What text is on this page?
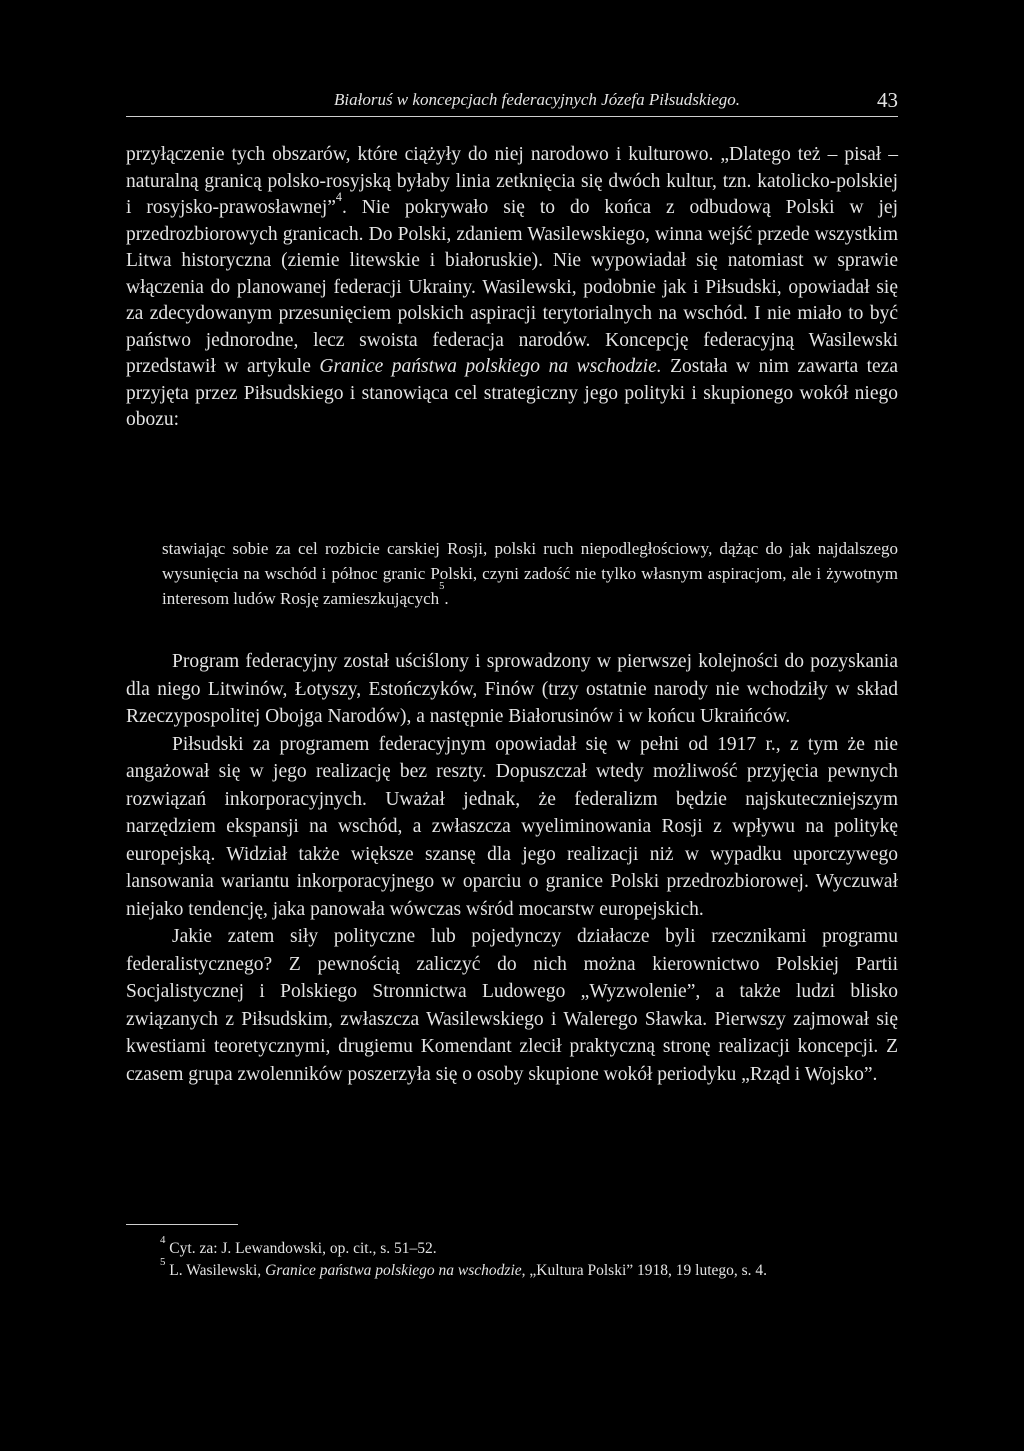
Białoruś w koncepcjach federacyjnych Józefa Piłsudskiego.	43

przyłączenie tych obszarów, które ciążyły do niej narodowo i kulturowo. „Dlatego też – pisał – naturalną granicą polsko-rosyjską byłaby linia zetknięcia się dwóch kultur, tzn. katolicko-polskiej i rosyjsko-prawosławnej”$^4$. Nie pokrywało się to do końca z odbudową Polski w jej przedrozbiorowych granicach. Do Polski, zdaniem Wasilewskiego, winna wejść przede wszystkim Litwa historyczna (ziemie litewskie i białoruskie). Nie wypowiadał się natomiast w sprawie włączenia do planowanej federacji Ukrainy. Wasilewski, podobnie jak i Piłsudski, opowiadał się za zdecydowanym przesunięciem polskich aspiracji terytorialnych na wschód. I nie miało to być państwo jednorodne, lecz swoista federacja narodów. Koncepcję federacyjną Wasilewski przedstawił w artykule Granice państwa polskiego na wschodzie. Została w nim zawarta teza przyjęta przez Piłsudskiego i stanowiąca cel strategiczny jego polityki i skupionego wokół niego obozu:

stawiając sobie za cel rozbicie carskiej Rosji, polski ruch niepodległościowy, dążąc do jak najdalszego wysunięcia na wschód i północ granic Polski, czyni zadość nie tylko własnym aspiracjom, ale i żywotnym interesom ludów Rosję zamieszkujących$^5$.

Program federacyjny został uściślony i sprowadzony w pierwszej kolejności do pozyskania dla niego Litwinów, Łotyszy, Estończyków, Finów (trzy ostatnie narody nie wchodziły w skład Rzeczypospolitej Obojga Narodów), a następnie Białorusinów i w końcu Ukraińców.

Piłsudski za programem federacyjnym opowiadał się w pełni od 1917 r., z tym że nie angażował się w jego realizację bez reszty. Dopuszczał wtedy możliwość przyjęcia pewnych rozwiązań inkorporacyjnych. Uważał jednak, że federalizm będzie najskuteczniejszym narzędziem ekspansji na wschód, a zwłaszcza wyeliminowania Rosji z wpływu na politykę europejską. Widział także większe szansę dla jego realizacji niż w wypadku uporczywego lansowania wariantu inkorporacyjnego w oparciu o granice Polski przedrozbiorowej. Wyczuwał niejako tendencję, jaka panowała wówczas wśród mocarstw europejskich.

Jakie zatem siły polityczne lub pojedynczy działacze byli rzecznikami programu federalistycznego? Z pewnością zaliczyć do nich można kierownictwo Polskiej Partii Socjalistycznej i Polskiego Stronnictwa Ludowego „Wyzwolenie”, a także ludzi blisko związanych z Piłsudskim, zwłaszcza Wasilewskiego i Walerego Sławka. Pierwszy zajmował się kwestiami teoretycznymi, drugiemu Komendant zlecił praktyczną stronę realizacji koncepcji. Z czasem grupa zwolenników poszerzyła się o osoby skupione wokół periodyku „Rząd i Wojsko”.

$^4$ Cyt. za: J. Lewandowski, op. cit., s. 51–52.

$^5$ L. Wasilewski, Granice państwa polskiego na wschodzie, „Kultura Polski” 1918, 19 lutego, s. 4.
